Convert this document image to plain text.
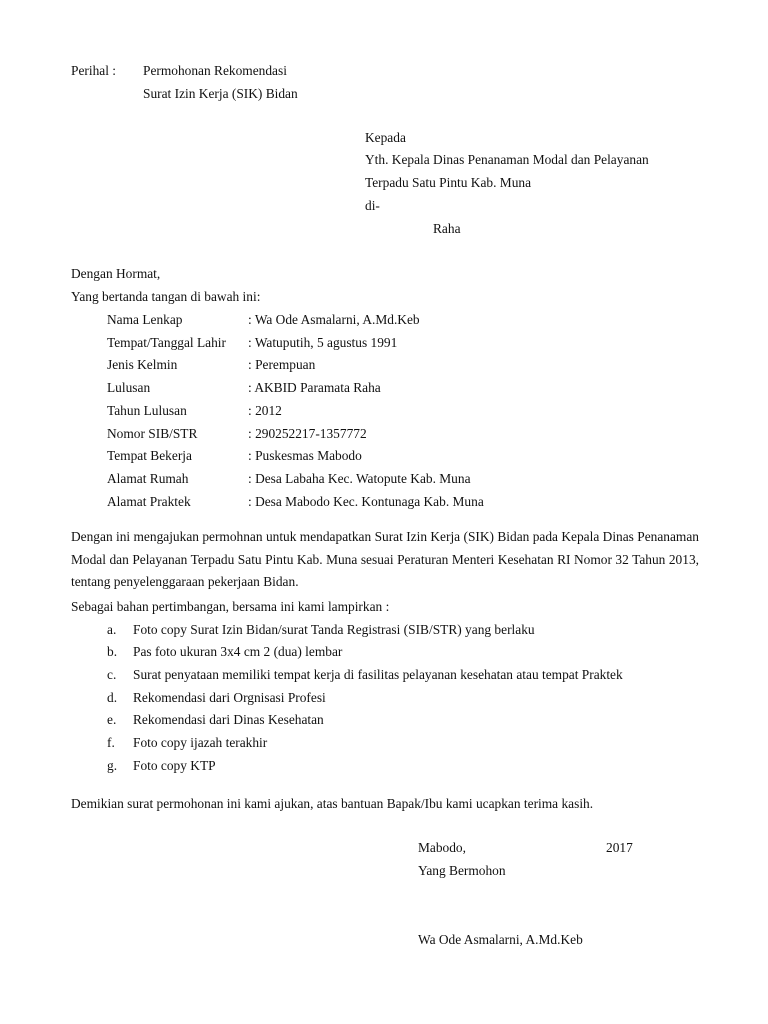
Perihal : Permohonan Rekomendasi
Surat Izin Kerja (SIK) Bidan
Kepada
Yth. Kepala Dinas Penanaman Modal dan Pelayanan
Terpadu Satu Pintu Kab. Muna
di-
Raha
Dengan Hormat,
Yang bertanda tangan di bawah ini:
Nama Lenkap	: Wa Ode Asmalarni, A.Md.Keb
Tempat/Tanggal Lahir : Watuputih, 5 agustus 1991
Jenis Kelmin	: Perempuan
Lulusan	: AKBID Paramata Raha
Tahun Lulusan	: 2012
Nomor SIB/STR	: 290252217-1357772
Tempat Bekerja	: Puskesmas Mabodo
Alamat Rumah	: Desa Labaha Kec. Watopute Kab. Muna
Alamat Praktek	: Desa Mabodo Kec. Kontunaga Kab. Muna
Dengan ini mengajukan permohnan untuk mendapatkan Surat Izin Kerja (SIK) Bidan pada Kepala Dinas Penanaman Modal dan Pelayanan Terpadu Satu Pintu Kab. Muna sesuai Peraturan Menteri Kesehatan RI Nomor 32 Tahun 2013, tentang penyelenggaraan pekerjaan Bidan.
Sebagai bahan pertimbangan, bersama ini kami lampirkan :
a. Foto copy Surat Izin Bidan/surat Tanda Registrasi (SIB/STR) yang berlaku
b. Pas foto ukuran 3x4 cm 2 (dua) lembar
c. Surat penyataan memiliki tempat kerja di fasilitas pelayanan kesehatan atau tempat Praktek
d. Rekomendasi dari Orgnisasi Profesi
e. Rekomendasi dari Dinas Kesehatan
f. Foto copy ijazah terakhir
g. Foto copy KTP
Demikian surat permohonan ini kami ajukan, atas bantuan Bapak/Ibu kami ucapkan terima kasih.
Mabodo,	2017
Yang Bermohon
Wa Ode Asmalarni, A.Md.Keb
